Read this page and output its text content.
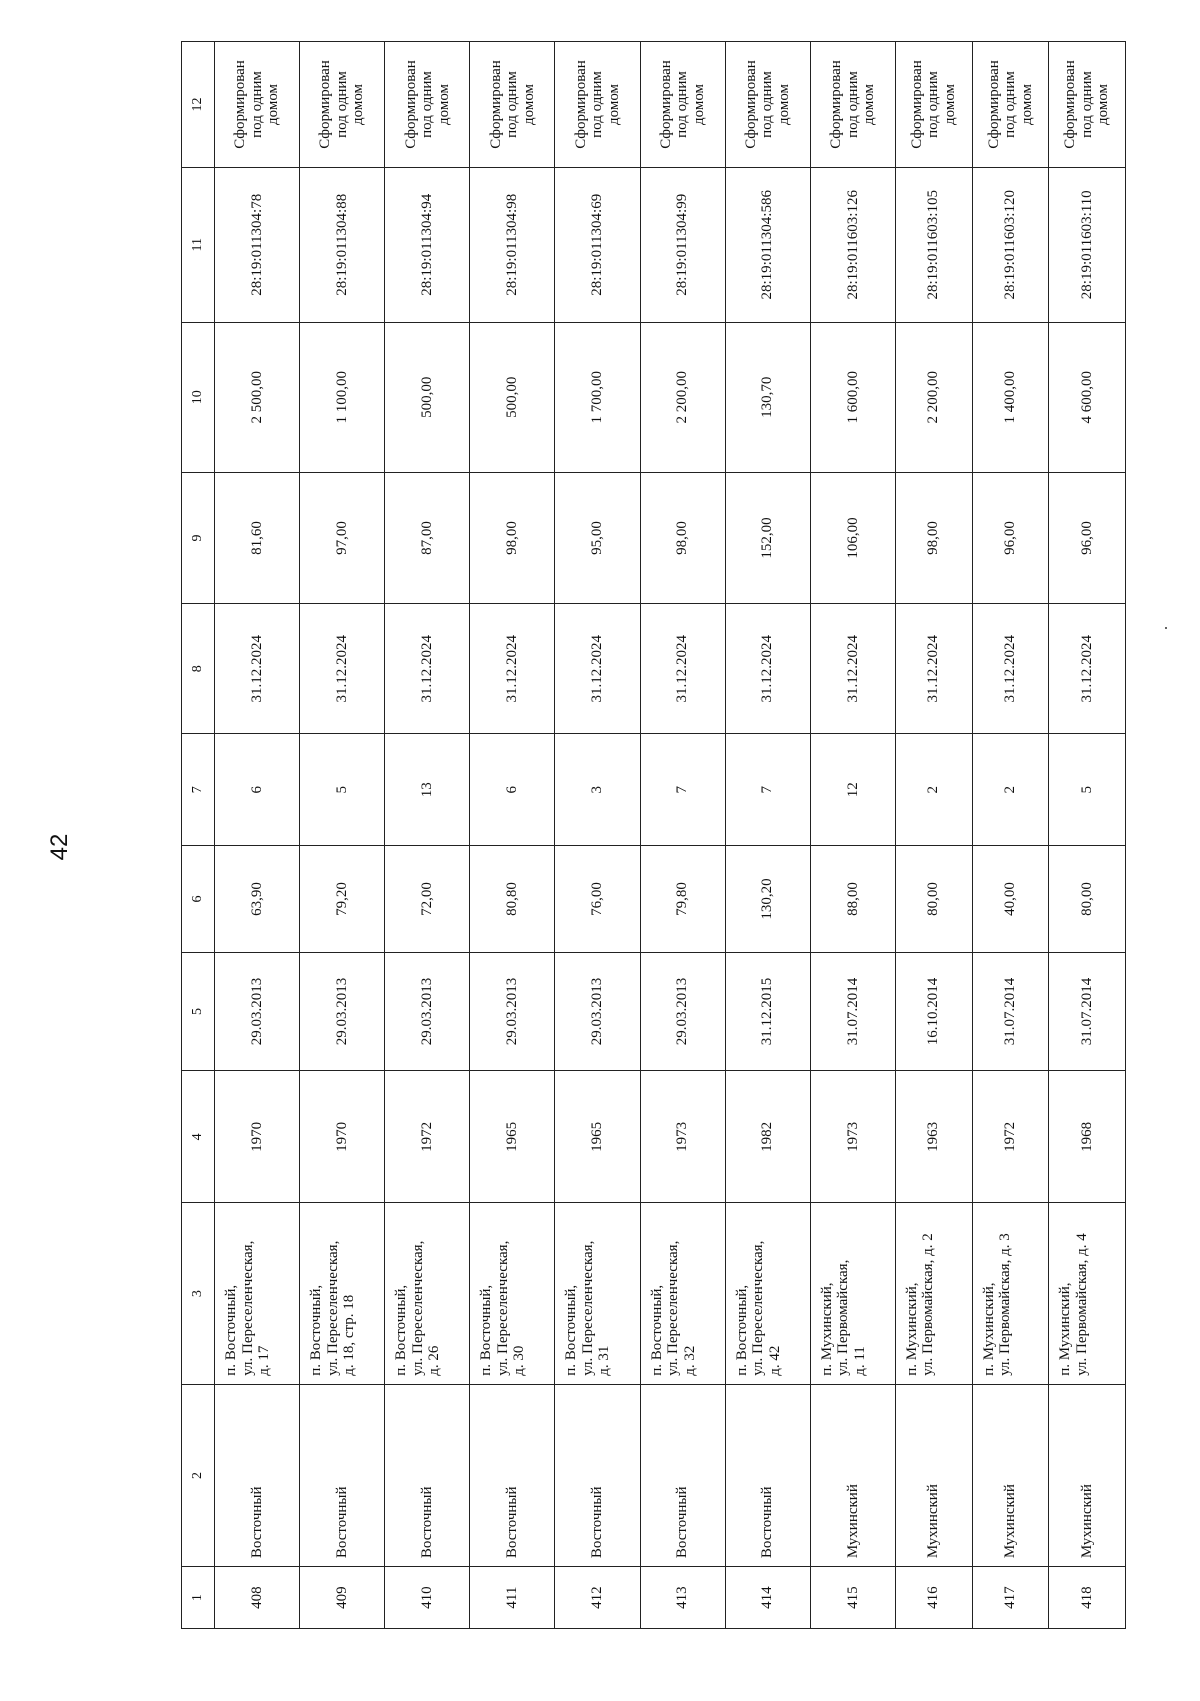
42
1	2	3	4	5	6	7	8	9	10	11	12
408	Восточный	п. Восточный,
ул. Переселенческая,
д. 17	1970	29.03.2013	63,90	6	31.12.2024	81,60	2 500,00	28:19:011304:78	Сформирован
под одним
домом
409	Восточный	п. Восточный,
ул. Переселенческая,
д. 18, стр. 18	1970	29.03.2013	79,20	5	31.12.2024	97,00	1 100,00	28:19:011304:88	Сформирован
под одним
домом
410	Восточный	п. Восточный,
ул. Переселенческая,
д. 26	1972	29.03.2013	72,00	13	31.12.2024	87,00	500,00	28:19:011304:94	Сформирован
под одним
домом
411	Восточный	п. Восточный,
ул. Переселенческая,
д. 30	1965	29.03.2013	80,80	6	31.12.2024	98,00	500,00	28:19:011304:98	Сформирован
под одним
домом
412	Восточный	п. Восточный,
ул. Переселенческая,
д. 31	1965	29.03.2013	76,00	3	31.12.2024	95,00	1 700,00	28:19:011304:69	Сформирован
под одним
домом
413	Восточный	п. Восточный,
ул. Переселенческая,
д. 32	1973	29.03.2013	79,80	7	31.12.2024	98,00	2 200,00	28:19:011304:99	Сформирован
под одним
домом
414	Восточный	п. Восточный,
ул. Переселенческая,
д. 42	1982	31.12.2015	130,20	7	31.12.2024	152,00	130,70	28:19:011304:586	Сформирован
под одним
домом
415	Мухинский	п. Мухинский,
ул. Первомайская,
д. 11	1973	31.07.2014	88,00	12	31.12.2024	106,00	1 600,00	28:19:011603:126	Сформирован
под одним
домом
416	Мухинский	п. Мухинский,
ул. Первомайская, д. 2	1963	16.10.2014	80,00	2	31.12.2024	98,00	2 200,00	28:19:011603:105	Сформирован
под одним
домом
417	Мухинский	п. Мухинский,
ул. Первомайская, д. 3	1972	31.07.2014	40,00	2	31.12.2024	96,00	1 400,00	28:19:011603:120	Сформирован
под одним
домом
418	Мухинский	п. Мухинский,
ул. Первомайская, д. 4	1968	31.07.2014	80,00	5	31.12.2024	96,00	4 600,00	28:19:011603:110	Сформирован
под одним
домом
